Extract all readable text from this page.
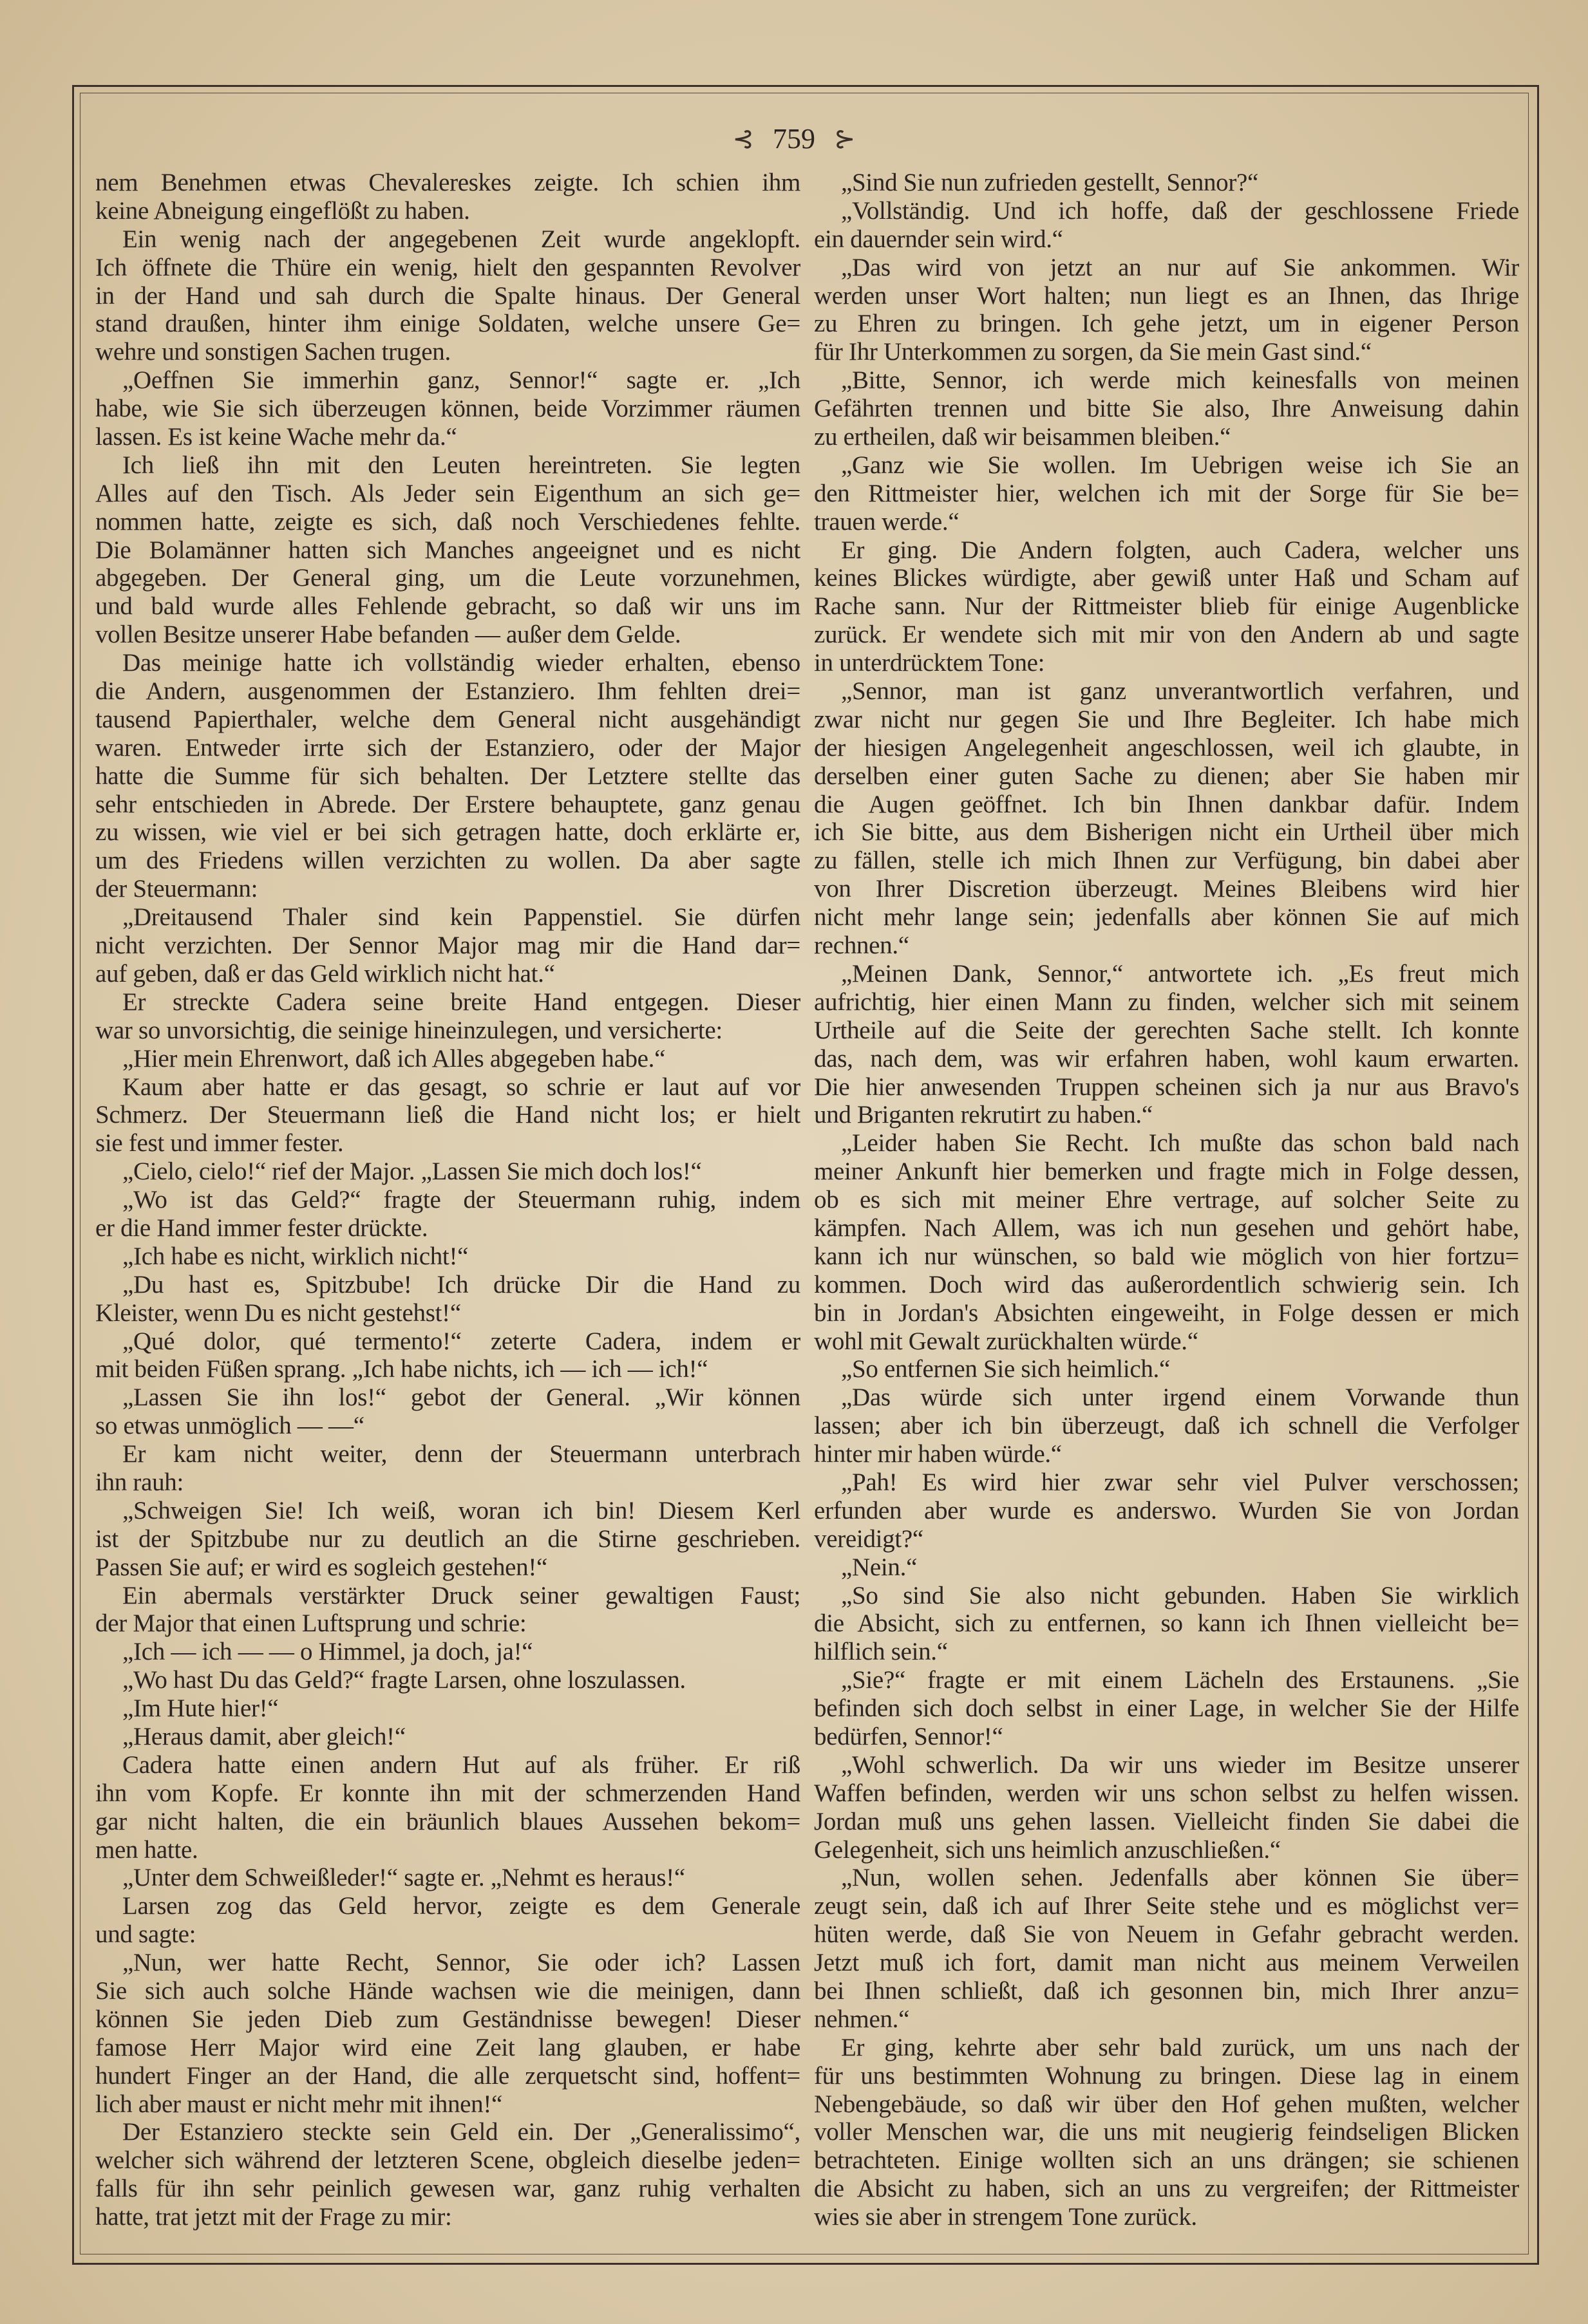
⊰ 759 ⊱
nem Benehmen etwas Chevalereskes zeigte. Ich schien ihm
keine Abneigung eingeflößt zu haben.
Ein wenig nach der angegebenen Zeit wurde angeklopft.
Ich öffnete die Thüre ein wenig, hielt den gespannten Revolver
in der Hand und sah durch die Spalte hinaus. Der General
stand draußen, hinter ihm einige Soldaten, welche unsere Ge=
wehre und sonstigen Sachen trugen.
„Oeffnen Sie immerhin ganz, Sennor!“ sagte er. „Ich
habe, wie Sie sich überzeugen können, beide Vorzimmer räumen
lassen. Es ist keine Wache mehr da.“
Ich ließ ihn mit den Leuten hereintreten. Sie legten
Alles auf den Tisch. Als Jeder sein Eigenthum an sich ge=
nommen hatte, zeigte es sich, daß noch Verschiedenes fehlte.
Die Bolamänner hatten sich Manches angeeignet und es nicht
abgegeben. Der General ging, um die Leute vorzunehmen,
und bald wurde alles Fehlende gebracht, so daß wir uns im
vollen Besitze unserer Habe befanden — außer dem Gelde.
Das meinige hatte ich vollständig wieder erhalten, ebenso
die Andern, ausgenommen der Estanziero. Ihm fehlten drei=
tausend Papierthaler, welche dem General nicht ausgehändigt
waren. Entweder irrte sich der Estanziero, oder der Major
hatte die Summe für sich behalten. Der Letztere stellte das
sehr entschieden in Abrede. Der Erstere behauptete, ganz genau
zu wissen, wie viel er bei sich getragen hatte, doch erklärte er,
um des Friedens willen verzichten zu wollen. Da aber sagte
der Steuermann:
„Dreitausend Thaler sind kein Pappenstiel. Sie dürfen
nicht verzichten. Der Sennor Major mag mir die Hand dar=
auf geben, daß er das Geld wirklich nicht hat.“
Er streckte Cadera seine breite Hand entgegen. Dieser
war so unvorsichtig, die seinige hineinzulegen, und versicherte:
„Hier mein Ehrenwort, daß ich Alles abgegeben habe.“
Kaum aber hatte er das gesagt, so schrie er laut auf vor
Schmerz. Der Steuermann ließ die Hand nicht los; er hielt
sie fest und immer fester.
„Cielo, cielo!“ rief der Major. „Lassen Sie mich doch los!“
„Wo ist das Geld?“ fragte der Steuermann ruhig, indem
er die Hand immer fester drückte.
„Ich habe es nicht, wirklich nicht!“
„Du hast es, Spitzbube! Ich drücke Dir die Hand zu
Kleister, wenn Du es nicht gestehst!“
„Qué dolor, qué termento!“ zeterte Cadera, indem er
mit beiden Füßen sprang. „Ich habe nichts, ich — ich — ich!“
„Lassen Sie ihn los!“ gebot der General. „Wir können
so etwas unmöglich — —“
Er kam nicht weiter, denn der Steuermann unterbrach
ihn rauh:
„Schweigen Sie! Ich weiß, woran ich bin! Diesem Kerl
ist der Spitzbube nur zu deutlich an die Stirne geschrieben.
Passen Sie auf; er wird es sogleich gestehen!“
Ein abermals verstärkter Druck seiner gewaltigen Faust;
der Major that einen Luftsprung und schrie:
„Ich — ich — — o Himmel, ja doch, ja!“
„Wo hast Du das Geld?“ fragte Larsen, ohne loszulassen.
„Im Hute hier!“
„Heraus damit, aber gleich!“
Cadera hatte einen andern Hut auf als früher. Er riß
ihn vom Kopfe. Er konnte ihn mit der schmerzenden Hand
gar nicht halten, die ein bräunlich blaues Aussehen bekom=
men hatte.
„Unter dem Schweißleder!“ sagte er. „Nehmt es heraus!“
Larsen zog das Geld hervor, zeigte es dem Generale
und sagte:
„Nun, wer hatte Recht, Sennor, Sie oder ich? Lassen
Sie sich auch solche Hände wachsen wie die meinigen, dann
können Sie jeden Dieb zum Geständnisse bewegen! Dieser
famose Herr Major wird eine Zeit lang glauben, er habe
hundert Finger an der Hand, die alle zerquetscht sind, hoffent=
lich aber maust er nicht mehr mit ihnen!“
Der Estanziero steckte sein Geld ein. Der „Generalissimo“,
welcher sich während der letzteren Scene, obgleich dieselbe jeden=
falls für ihn sehr peinlich gewesen war, ganz ruhig verhalten
hatte, trat jetzt mit der Frage zu mir:
„Sind Sie nun zufrieden gestellt, Sennor?“
„Vollständig. Und ich hoffe, daß der geschlossene Friede
ein dauernder sein wird.“
„Das wird von jetzt an nur auf Sie ankommen. Wir
werden unser Wort halten; nun liegt es an Ihnen, das Ihrige
zu Ehren zu bringen. Ich gehe jetzt, um in eigener Person
für Ihr Unterkommen zu sorgen, da Sie mein Gast sind.“
„Bitte, Sennor, ich werde mich keinesfalls von meinen
Gefährten trennen und bitte Sie also, Ihre Anweisung dahin
zu ertheilen, daß wir beisammen bleiben.“
„Ganz wie Sie wollen. Im Uebrigen weise ich Sie an
den Rittmeister hier, welchen ich mit der Sorge für Sie be=
trauen werde.“
Er ging. Die Andern folgten, auch Cadera, welcher uns
keines Blickes würdigte, aber gewiß unter Haß und Scham auf
Rache sann. Nur der Rittmeister blieb für einige Augenblicke
zurück. Er wendete sich mit mir von den Andern ab und sagte
in unterdrücktem Tone:
„Sennor, man ist ganz unverantwortlich verfahren, und
zwar nicht nur gegen Sie und Ihre Begleiter. Ich habe mich
der hiesigen Angelegenheit angeschlossen, weil ich glaubte, in
derselben einer guten Sache zu dienen; aber Sie haben mir
die Augen geöffnet. Ich bin Ihnen dankbar dafür. Indem
ich Sie bitte, aus dem Bisherigen nicht ein Urtheil über mich
zu fällen, stelle ich mich Ihnen zur Verfügung, bin dabei aber
von Ihrer Discretion überzeugt. Meines Bleibens wird hier
nicht mehr lange sein; jedenfalls aber können Sie auf mich
rechnen.“
„Meinen Dank, Sennor,“ antwortete ich. „Es freut mich
aufrichtig, hier einen Mann zu finden, welcher sich mit seinem
Urtheile auf die Seite der gerechten Sache stellt. Ich konnte
das, nach dem, was wir erfahren haben, wohl kaum erwarten.
Die hier anwesenden Truppen scheinen sich ja nur aus Bravo's
und Briganten rekrutirt zu haben.“
„Leider haben Sie Recht. Ich mußte das schon bald nach
meiner Ankunft hier bemerken und fragte mich in Folge dessen,
ob es sich mit meiner Ehre vertrage, auf solcher Seite zu
kämpfen. Nach Allem, was ich nun gesehen und gehört habe,
kann ich nur wünschen, so bald wie möglich von hier fortzu=
kommen. Doch wird das außerordentlich schwierig sein. Ich
bin in Jordan's Absichten eingeweiht, in Folge dessen er mich
wohl mit Gewalt zurückhalten würde.“
„So entfernen Sie sich heimlich.“
„Das würde sich unter irgend einem Vorwande thun
lassen; aber ich bin überzeugt, daß ich schnell die Verfolger
hinter mir haben würde.“
„Pah! Es wird hier zwar sehr viel Pulver verschossen;
erfunden aber wurde es anderswo. Wurden Sie von Jordan
vereidigt?“
„Nein.“
„So sind Sie also nicht gebunden. Haben Sie wirklich
die Absicht, sich zu entfernen, so kann ich Ihnen vielleicht be=
hilflich sein.“
„Sie?“ fragte er mit einem Lächeln des Erstaunens. „Sie
befinden sich doch selbst in einer Lage, in welcher Sie der Hilfe
bedürfen, Sennor!“
„Wohl schwerlich. Da wir uns wieder im Besitze unserer
Waffen befinden, werden wir uns schon selbst zu helfen wissen.
Jordan muß uns gehen lassen. Vielleicht finden Sie dabei die
Gelegenheit, sich uns heimlich anzuschließen.“
„Nun, wollen sehen. Jedenfalls aber können Sie über=
zeugt sein, daß ich auf Ihrer Seite stehe und es möglichst ver=
hüten werde, daß Sie von Neuem in Gefahr gebracht werden.
Jetzt muß ich fort, damit man nicht aus meinem Verweilen
bei Ihnen schließt, daß ich gesonnen bin, mich Ihrer anzu=
nehmen.“
Er ging, kehrte aber sehr bald zurück, um uns nach der
für uns bestimmten Wohnung zu bringen. Diese lag in einem
Nebengebäude, so daß wir über den Hof gehen mußten, welcher
voller Menschen war, die uns mit neugierig feindseligen Blicken
betrachteten. Einige wollten sich an uns drängen; sie schienen
die Absicht zu haben, sich an uns zu vergreifen; der Rittmeister
wies sie aber in strengem Tone zurück.
